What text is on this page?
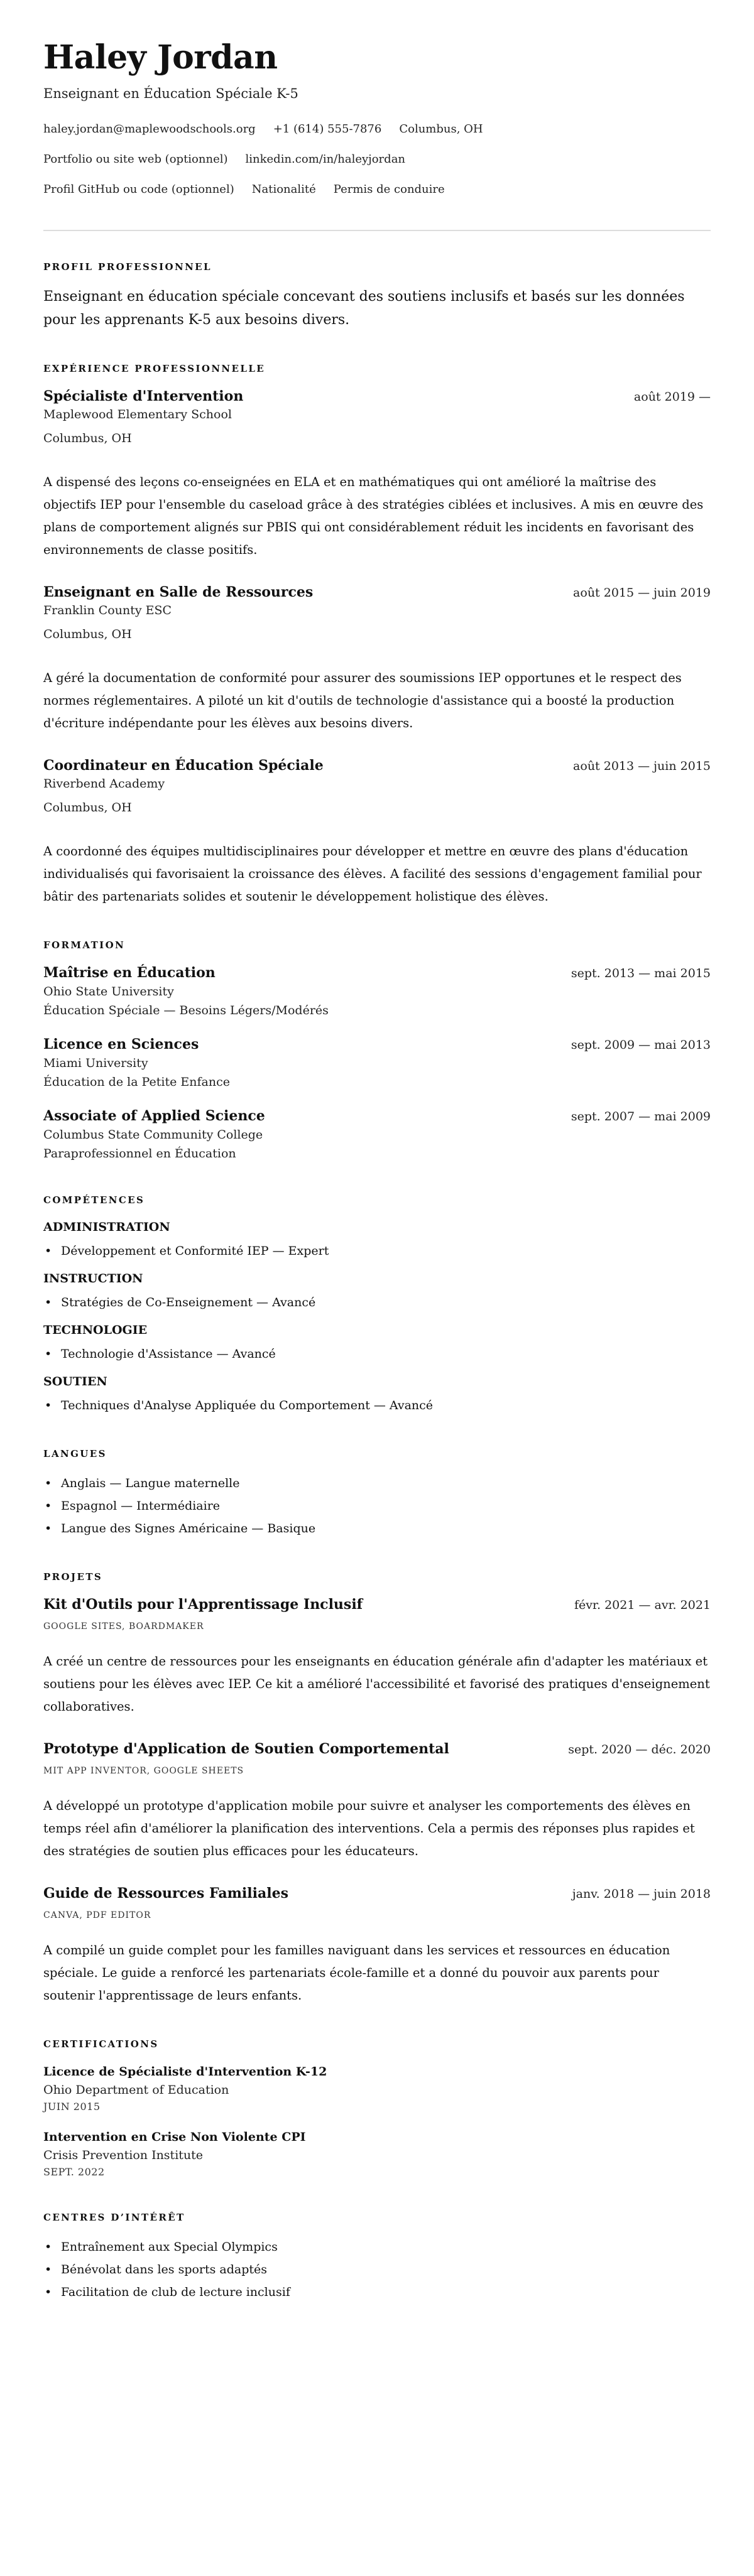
Haley Jordan
Enseignant en Éducation Spéciale K-5
haley.jordan@maplewoodschools.org +1 (614) 555-7876 Columbus, OH
Portfolio ou site web (optionnel) linkedin.com/in/haleyjordan
Profil GitHub ou code (optionnel) Nationalité Permis de conduire
PROFIL PROFESSIONNEL

Enseignant en éducation spéciale concevant des soutiens inclusifs et basés sur les données pour les apprenants K-5 aux besoins divers.

EXPÉRIENCE PROFESSIONNELLE
Spécialiste d'Intervention	août 2019 —
Maplewood Elementary School
Columbus, OH

A dispensé des leçons co-enseignées en ELA et en mathématiques qui ont amélioré la maîtrise des objectifs IEP pour l'ensemble du caseload grâce à des stratégies ciblées et inclusives. A mis en œuvre des plans de comportement alignés sur PBIS qui ont considérablement réduit les incidents en favorisant des environnements de classe positifs.

Enseignant en Salle de Ressources	août 2015 — juin 2019
Franklin County ESC
Columbus, OH

A géré la documentation de conformité pour assurer des soumissions IEP opportunes et le respect des normes réglementaires. A piloté un kit d'outils de technologie d'assistance qui a boosté la production d'écriture indépendante pour les élèves aux besoins divers.

Coordinateur en Éducation Spéciale	août 2013 — juin 2015
Riverbend Academy
Columbus, OH

A coordonné des équipes multidisciplinaires pour développer et mettre en œuvre des plans d'éducation individualisés qui favorisaient la croissance des élèves. A facilité des sessions d'engagement familial pour bâtir des partenariats solides et soutenir le développement holistique des élèves.

FORMATION
Maîtrise en Éducation	sept. 2013 — mai 2015
Ohio State University
Éducation Spéciale — Besoins Légers/Modérés
Licence en Sciences	sept. 2009 — mai 2013
Miami University
Éducation de la Petite Enfance
Associate of Applied Science	sept. 2007 — mai 2009
Columbus State Community College
Paraprofessionnel en Éducation
COMPÉTENCES
ADMINISTRATION
• Développement et Conformité IEP — Expert
INSTRUCTION
• Stratégies de Co-Enseignement — Avancé
TECHNOLOGIE
• Technologie d'Assistance — Avancé
SOUTIEN
• Techniques d'Analyse Appliquée du Comportement — Avancé
LANGUES
• Anglais — Langue maternelle
• Espagnol — Intermédiaire
• Langue des Signes Américaine — Basique
PROJETS
Kit d'Outils pour l'Apprentissage Inclusif	févr. 2021 — avr. 2021
GOOGLE SITES, BOARDMAKER

A créé un centre de ressources pour les enseignants en éducation générale afin d'adapter les matériaux et soutiens pour les élèves avec IEP. Ce kit a amélioré l'accessibilité et favorisé des pratiques d'enseignement collaboratives.

Prototype d'Application de Soutien Comportemental	sept. 2020 — déc. 2020
MIT APP INVENTOR, GOOGLE SHEETS

A développé un prototype d'application mobile pour suivre et analyser les comportements des élèves en temps réel afin d'améliorer la planification des interventions. Cela a permis des réponses plus rapides et des stratégies de soutien plus efficaces pour les éducateurs.

Guide de Ressources Familiales	janv. 2018 — juin 2018
CANVA, PDF EDITOR

A compilé un guide complet pour les familles naviguant dans les services et ressources en éducation spéciale. Le guide a renforcé les partenariats école-famille et a donné du pouvoir aux parents pour soutenir l'apprentissage de leurs enfants.

CERTIFICATIONS
Licence de Spécialiste d'Intervention K-12
Ohio Department of Education
JUIN 2015
Intervention en Crise Non Violente CPI
Crisis Prevention Institute
SEPT. 2022
CENTRES D’INTÉRÊT
• Entraînement aux Special Olympics
• Bénévolat dans les sports adaptés
• Facilitation de club de lecture inclusif
